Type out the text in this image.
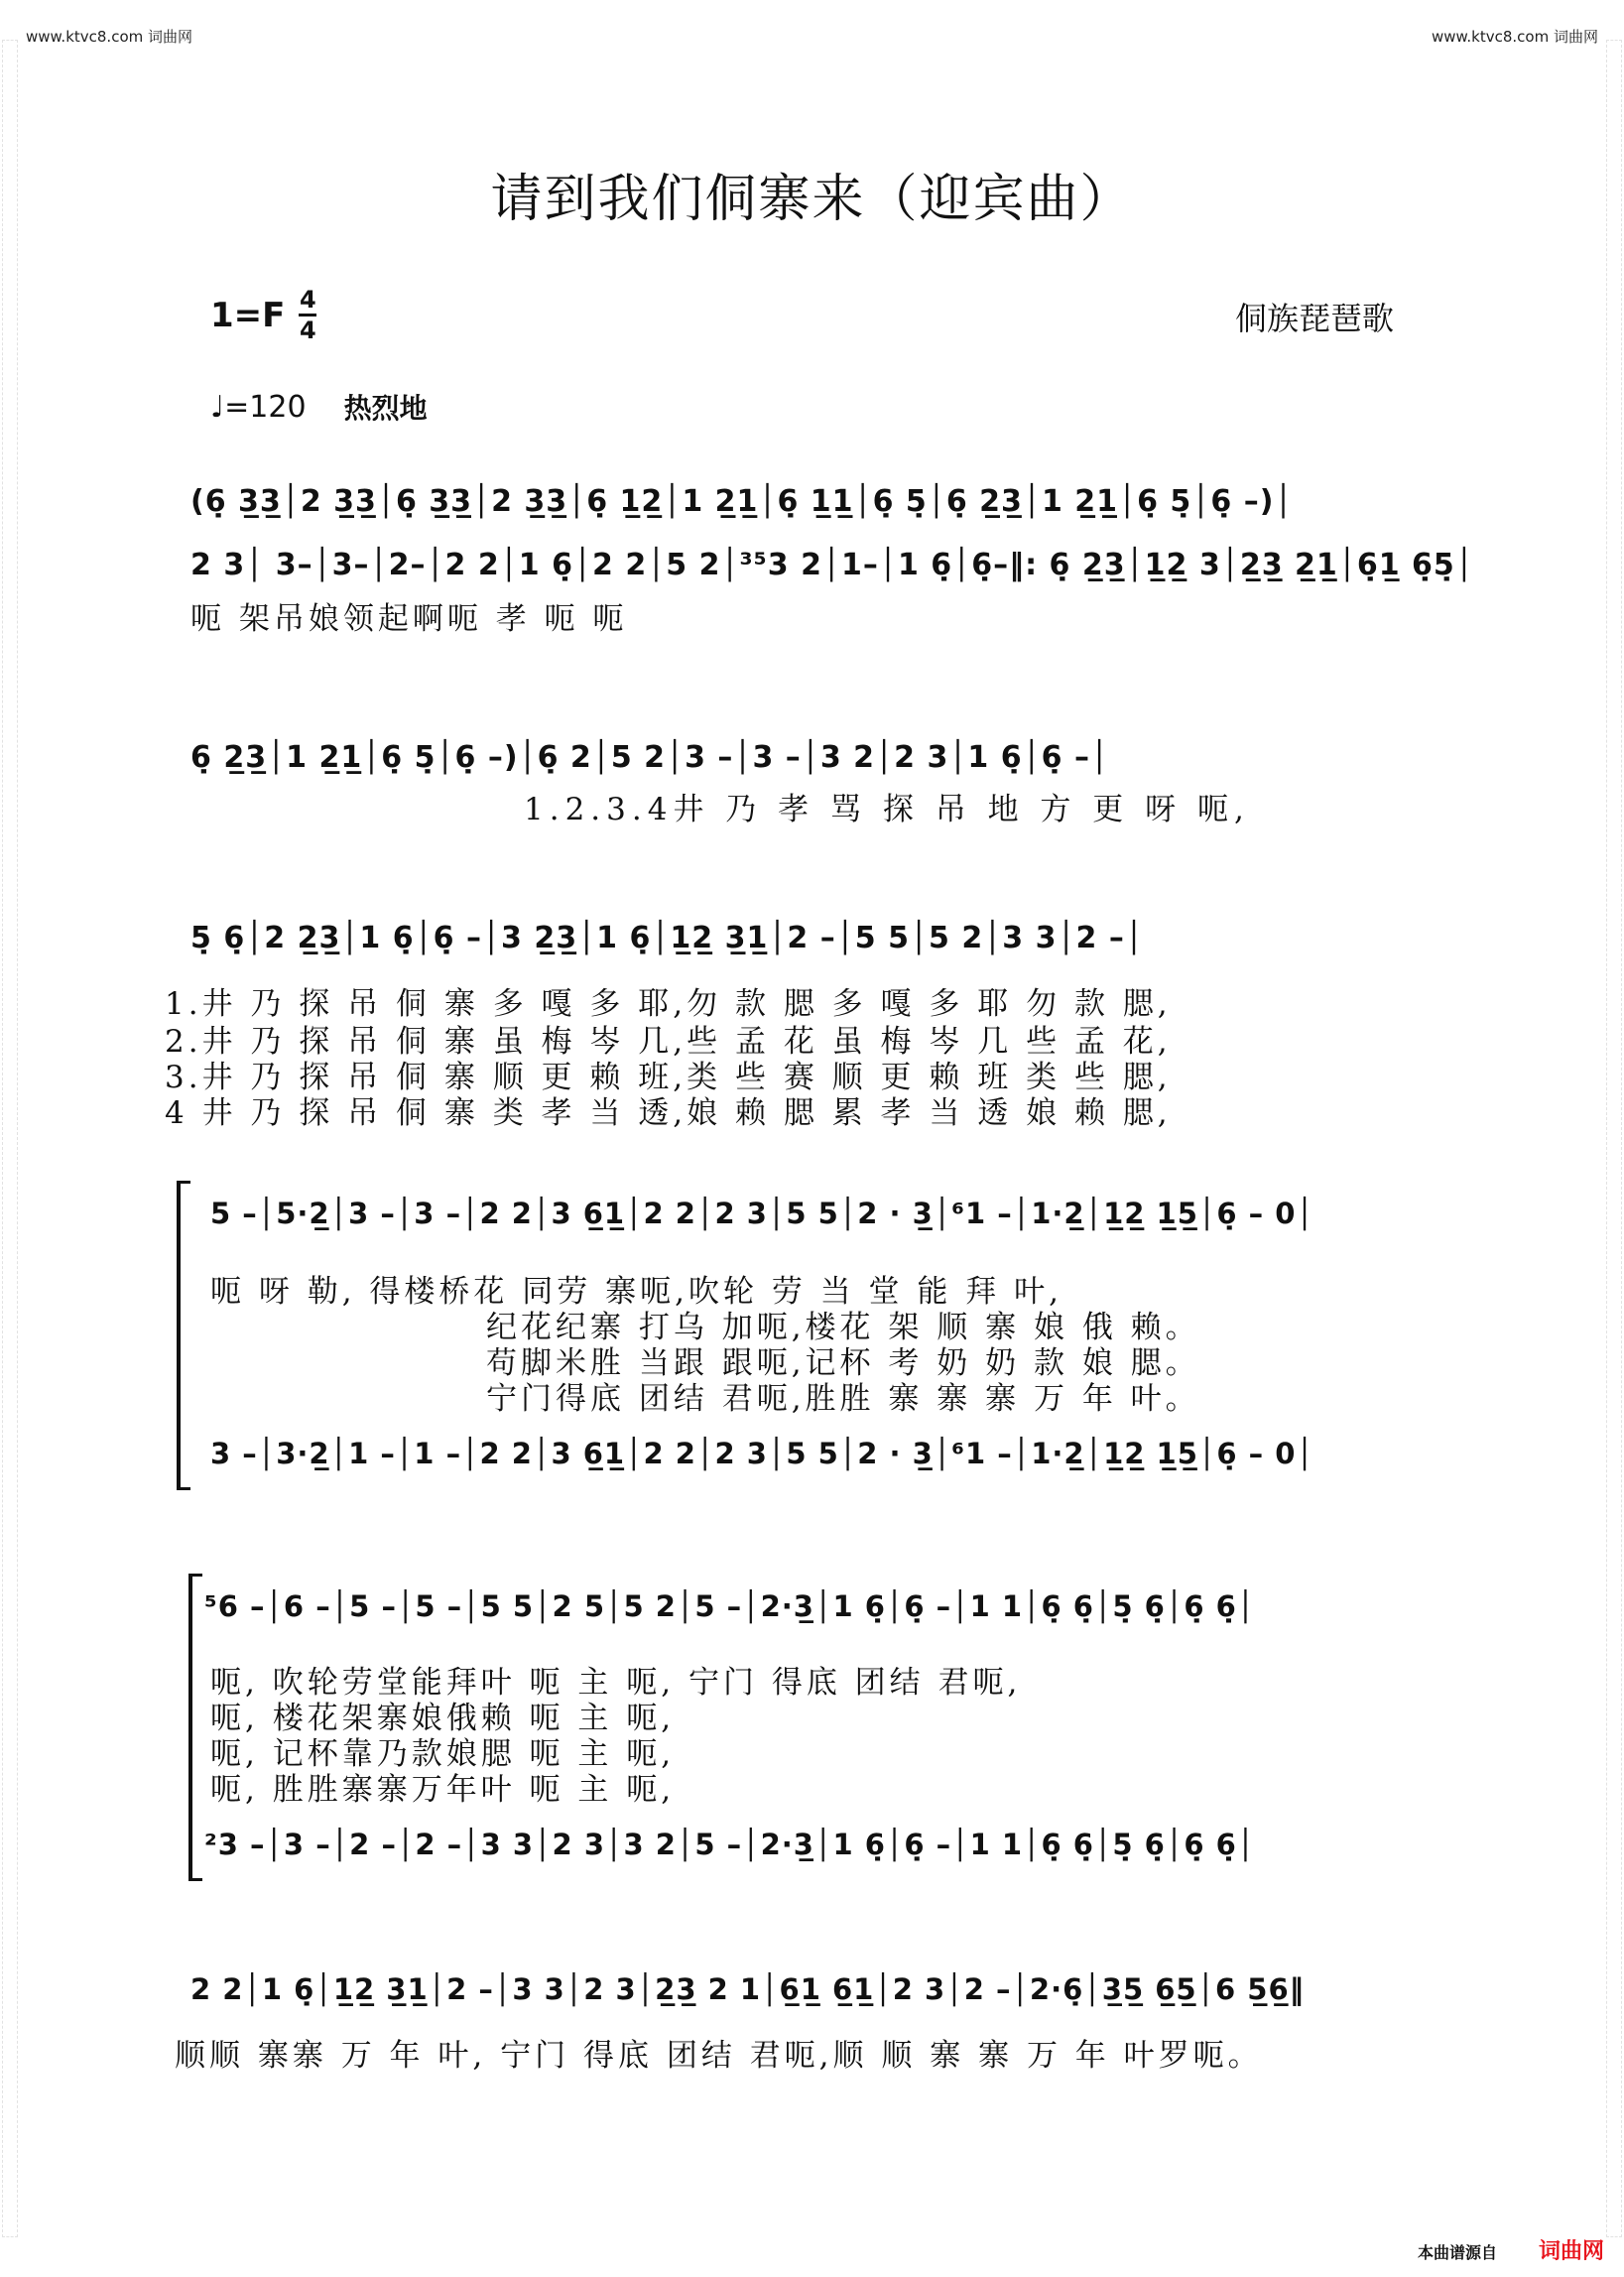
www.ktvc8.com 词曲网	www.ktvc8.com 词曲网
请到我们侗寨来（迎宾曲）
$1=F \frac{4}{4}$	侗族琵琶歌
♩=120 热烈地
(6̣ 3̲3̲│2 3̲3̲│6̣ 3̲3̲│2 3̲3̲│6̣ 1̲2̲│1 2̲1̲│6̣ 1̲1̲│6̣ 5̣│6̣ 2̲3̲│1 2̲1̲│6̣ 5̣│6̣ –)│
2 3│ 3–│3–│2–│2 2│1 6̣│2 2│5 2│³⁵3 2│1–│1 6̣│6̣–‖: 6̣ 2̲3̲│1̲2̲ 3│2̲3̲ 2̲1̲│6̣1̲ 6̣5̣│
呃 架吊娘领起啊呃 孝 呃 呃
6̣ 2̲3̲│1 2̲1̲│6̣ 5̣│6̣ –)│6̣ 2│5 2│3 –│3 –│3 2│2 3│1 6̣│6̣ –│
1.2.3.4井 乃 孝 骂 探 吊 地 方 更 呀 呃,
5̣ 6̣│2 2̲3̲│1 6̣│6̣ –│3 2̲3̲│1 6̣│1̲2̲ 3̲1̲│2 –│5 5│5 2│3 3│2 –│
1.井 乃 探 吊 侗 寨 多 嘎 多 耶,勿 款 腮 多 嘎 多 耶 勿 款 腮,
2.井 乃 探 吊 侗 寨 虽 梅 岑 几,些 孟 花 虽 梅 岑 几 些 孟 花,
3.井 乃 探 吊 侗 寨 顺 更 赖 班,类 些 赛 顺 更 赖 班 类 些 腮,
4 井 乃 探 吊 侗 寨 类 孝 当 透,娘 赖 腮 累 孝 当 透 娘 赖 腮,
5 –│5·2̲│3 –│3 –│2 2│3 6̲1̲│2 2│2 3│5 5│2 · 3̲│⁶1 –│1·2̲│1̲2̲ 1̲5̲│6̣ – 0│
呃 呀 勒, 得楼桥花 同劳 寨呃,吹轮 劳 当 堂 能 拜 叶,
纪花纪寨 打乌 加呃,楼花 架 顺 寨 娘 俄 赖。
苟脚米胜 当跟 跟呃,记杯 考 奶 奶 款 娘 腮。
宁门得底 团结 君呃,胜胜 寨 寨 寨 万 年 叶。
3 –│3·2̲│1 –│1 –│2 2│3 6̲1̲│2 2│2 3│5 5│2 · 3̲│⁶1 –│1·2̲│1̲2̲ 1̲5̲│6̣ – 0│
⁵6 –│6 –│5 –│5 –│5 5│2 5│5 2│5 –│2·3̲│1 6̣│6̣ –│1 1│6̣ 6̣│5̣ 6̣│6̣ 6̣│
呃, 吹轮劳堂能拜叶 呃 主 呃, 宁门 得底 团结 君呃,
呃, 楼花架寨娘俄赖 呃 主 呃,
呃, 记杯靠乃款娘腮 呃 主 呃,
呃, 胜胜寨寨万年叶 呃 主 呃,
²3 –│3 –│2 –│2 –│3 3│2 3│3 2│5 –│2·3̲│1 6̣│6̣ –│1 1│6̣ 6̣│5̣ 6̣│6̣ 6̣│
2 2│1 6̣│1̲2̲ 3̲1̲│2 –│3 3│2 3│2̲3̲ 2 1│6̲1̲ 6̲1̲│2 3│2 –│2·6̣│3̲5̲ 6̲5̲│6 5̲6̲‖
顺顺 寨寨 万 年 叶, 宁门 得底 团结 君呃,顺 顺 寨 寨 万 年 叶罗呃。
本曲谱源自 词曲网
